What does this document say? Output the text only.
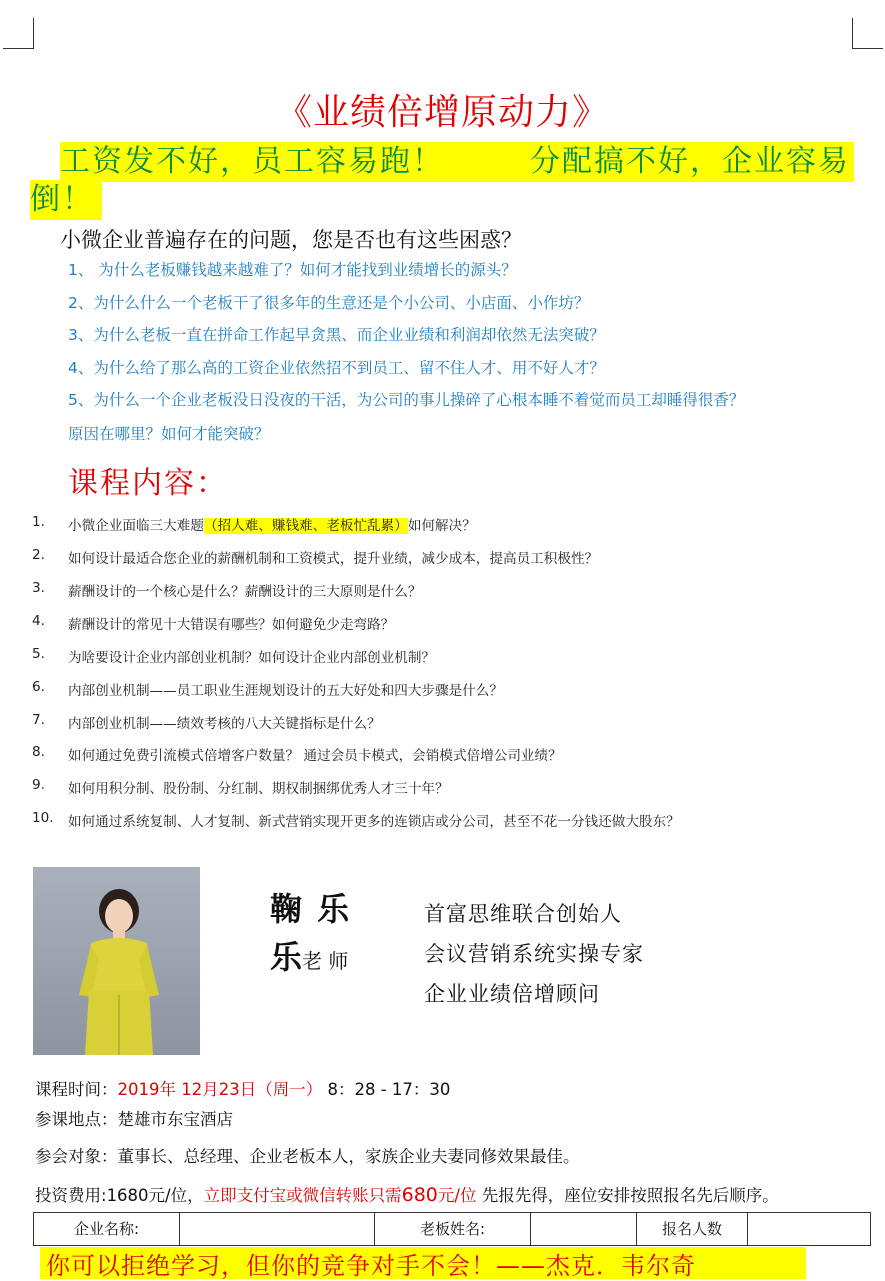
《业绩倍增原动力》
工资发不好，员工容易跑！	分配搞不好，企业容易
倒！
小微企业普遍存在的问题，您是否也有这些困惑？
1、 为什么老板赚钱越来越难了？如何才能找到业绩增长的源头？
2、为什么什么一个老板干了很多年的生意还是个小公司、小店面、小作坊？
3、为什么老板一直在拼命工作起早贪黑、而企业业绩和利润却依然无法突破？
4、为什么给了那么高的工资企业依然招不到员工、留不住人才、用不好人才？
5、为什么一个企业老板没日没夜的干活，为公司的事儿操碎了心根本睡不着觉而员工却睡得很香？
原因在哪里？如何才能突破？
课程内容：
1. 小微企业面临三大难题（招人难、赚钱难、老板忙乱累）如何解决？
2. 如何设计最适合您企业的薪酬机制和工资模式，提升业绩，减少成本，提高员工积极性？
3. 薪酬设计的一个核心是什么？薪酬设计的三大原则是什么？
4. 薪酬设计的常见十大错误有哪些？如何避免少走弯路？
5. 为啥要设计企业内部创业机制？如何设计企业内部创业机制？
6. 内部创业机制——员工职业生涯规划设计的五大好处和四大步骤是什么？
7. 内部创业机制——绩效考核的八大关键指标是什么？
8. 如何通过免费引流模式倍增客户数量？ 通过会员卡模式，会销模式倍增公司业绩？
9. 如何用积分制、股份制、分红制、期权制捆绑优秀人才三十年？
10. 如何通过系统复制、人才复制、新式营销实现开更多的连锁店或分公司，甚至不花一分钱还做大股东？
鞠 乐
乐老 师
首富思维联合创始人
会议营销系统实操专家
企业业绩倍增顾问
课程时间：2019年 12月23日（周一） 8：28 - 17：30
参课地点：楚雄市东宝酒店
参会对象：董事长、总经理、企业老板本人，家族企业夫妻同修效果最佳。
投资费用:1680元/位，立即支付宝或微信转账只需680元/位 先报先得，座位安排按照报名先后顺序。
企业名称:	老板姓名:	报名人数
你可以拒绝学习，但你的竞争对手不会！——杰克．韦尔奇
